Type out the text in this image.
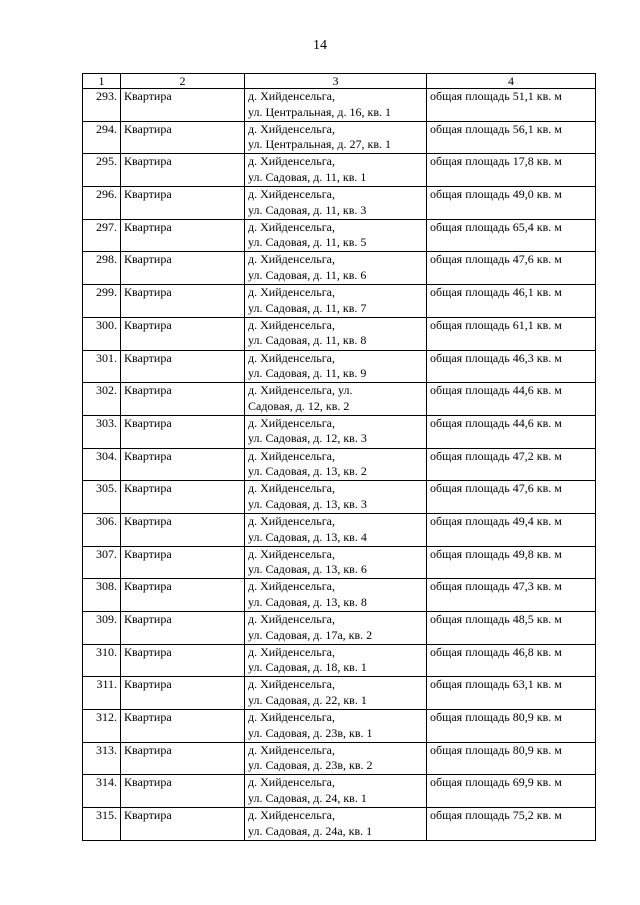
14
1	2	3	4
293.	Квартира	д. Хийденсельга,
ул. Центральная, д. 16, кв. 1	общая площадь 51,1 кв. м
294.	Квартира	д. Хийденсельга,
ул. Центральная, д. 27, кв. 1	общая площадь 56,1 кв. м
295.	Квартира	д. Хийденсельга,
ул. Садовая, д. 11, кв. 1	общая площадь 17,8 кв. м
296.	Квартира	д. Хийденсельга,
ул. Садовая, д. 11, кв. 3	общая площадь 49,0 кв. м
297.	Квартира	д. Хийденсельга,
ул. Садовая, д. 11, кв. 5	общая площадь 65,4 кв. м
298.	Квартира	д. Хийденсельга,
ул. Садовая, д. 11, кв. 6	общая площадь 47,6 кв. м
299.	Квартира	д. Хийденсельга,
ул. Садовая, д. 11, кв. 7	общая площадь 46,1 кв. м
300.	Квартира	д. Хийденсельга,
ул. Садовая, д. 11, кв. 8	общая площадь 61,1 кв. м
301.	Квартира	д. Хийденсельга,
ул. Садовая, д. 11, кв. 9	общая площадь 46,3 кв. м
302.	Квартира	д. Хийденсельга, ул.
Садовая, д. 12, кв. 2	общая площадь 44,6 кв. м
303.	Квартира	д. Хийденсельга,
ул. Садовая, д. 12, кв. 3	общая площадь 44,6 кв. м
304.	Квартира	д. Хийденсельга,
ул. Садовая, д. 13, кв. 2	общая площадь 47,2 кв. м
305.	Квартира	д. Хийденсельга,
ул. Садовая, д. 13, кв. 3	общая площадь 47,6 кв. м
306.	Квартира	д. Хийденсельга,
ул. Садовая, д. 13, кв. 4	общая площадь 49,4 кв. м
307.	Квартира	д. Хийденсельга,
ул. Садовая, д. 13, кв. 6	общая площадь 49,8 кв. м
308.	Квартира	д. Хийденсельга,
ул. Садовая, д. 13, кв. 8	общая площадь 47,3 кв. м
309.	Квартира	д. Хийденсельга,
ул. Садовая, д. 17а, кв. 2	общая площадь 48,5 кв. м
310.	Квартира	д. Хийденсельга,
ул. Садовая, д. 18, кв. 1	общая площадь 46,8 кв. м
311.	Квартира	д. Хийденсельга,
ул. Садовая, д. 22, кв. 1	общая площадь 63,1 кв. м
312.	Квартира	д. Хийденсельга,
ул. Садовая, д. 23в, кв. 1	общая площадь 80,9 кв. м
313.	Квартира	д. Хийденсельга,
ул. Садовая, д. 23в, кв. 2	общая площадь 80,9 кв. м
314.	Квартира	д. Хийденсельга,
ул. Садовая, д. 24, кв. 1	общая площадь 69,9 кв. м
315.	Квартира	д. Хийденсельга,
ул. Садовая, д. 24а, кв. 1	общая площадь 75,2 кв. м
